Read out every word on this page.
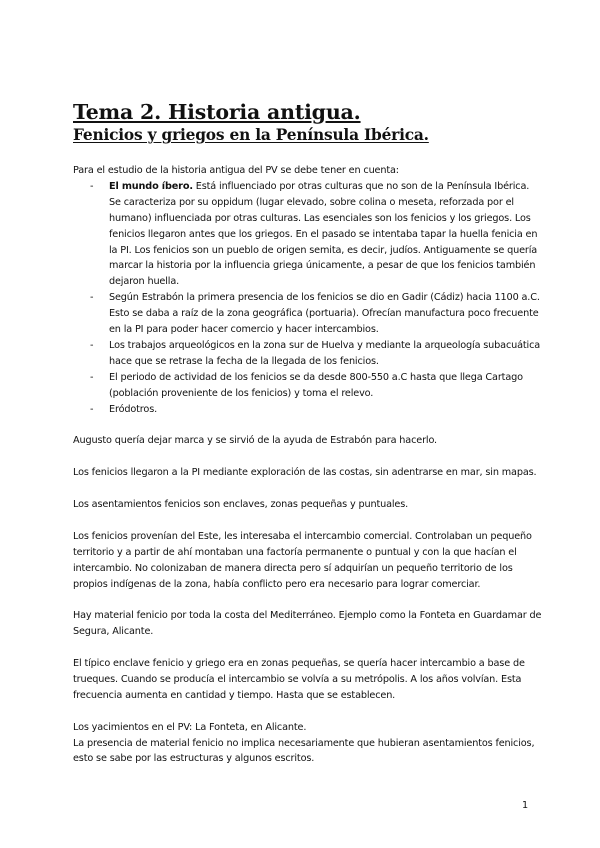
Tema 2. Historia antigua.
Fenicios y griegos en la Península Ibérica.

Para el estudio de la historia antigua del PV se debe tener en cuenta:

- El mundo íbero. Está influenciado por otras culturas que no son de la Península Ibérica. Se caracteriza por su oppidum (lugar elevado, sobre colina o meseta, reforzada por el humano) influenciada por otras culturas. Las esenciales son los fenicios y los griegos. Los fenicios llegaron antes que los griegos. En el pasado se intentaba tapar la huella fenicia en la PI. Los fenicios son un pueblo de origen semita, es decir, judíos. Antiguamente se quería marcar la historia por la influencia griega únicamente, a pesar de que los fenicios también dejaron huella.
- Según Estrabón la primera presencia de los fenicios se dio en Gadir (Cádiz) hacia 1100 a.C. Esto se daba a raíz de la zona geográfica (portuaria). Ofrecían manufactura poco frecuente en la PI para poder hacer comercio y hacer intercambios.
- Los trabajos arqueológicos en la zona sur de Huelva y mediante la arqueología subacuática hace que se retrase la fecha de la llegada de los fenicios.
- El periodo de actividad de los fenicios se da desde 800-550 a.C hasta que llega Cartago (población proveniente de los fenicios) y toma el relevo.
- Eródotros.

Augusto quería dejar marca y se sirvió de la ayuda de Estrabón para hacerlo.

Los fenicios llegaron a la PI mediante exploración de las costas, sin adentrarse en mar, sin mapas.

Los asentamientos fenicios son enclaves, zonas pequeñas y puntuales.

Los fenicios provenían del Este, les interesaba el intercambio comercial. Controlaban un pequeño territorio y a partir de ahí montaban una factoría permanente o puntual y con la que hacían el intercambio. No colonizaban de manera directa pero sí adquirían un pequeño territorio de los propios indígenas de la zona, había conflicto pero era necesario para lograr comerciar.

Hay material fenicio por toda la costa del Mediterráneo. Ejemplo como la Fonteta en Guardamar de Segura, Alicante.

El típico enclave fenicio y griego era en zonas pequeñas, se quería hacer intercambio a base de trueques. Cuando se producía el intercambio se volvía a su metrópolis. A los años volvían. Esta frecuencia aumenta en cantidad y tiempo. Hasta que se establecen.

Los yacimientos en el PV: La Fonteta, en Alicante.

La presencia de material fenicio no implica necesariamente que hubieran asentamientos fenicios, esto se sabe por las estructuras y algunos escritos.

1
